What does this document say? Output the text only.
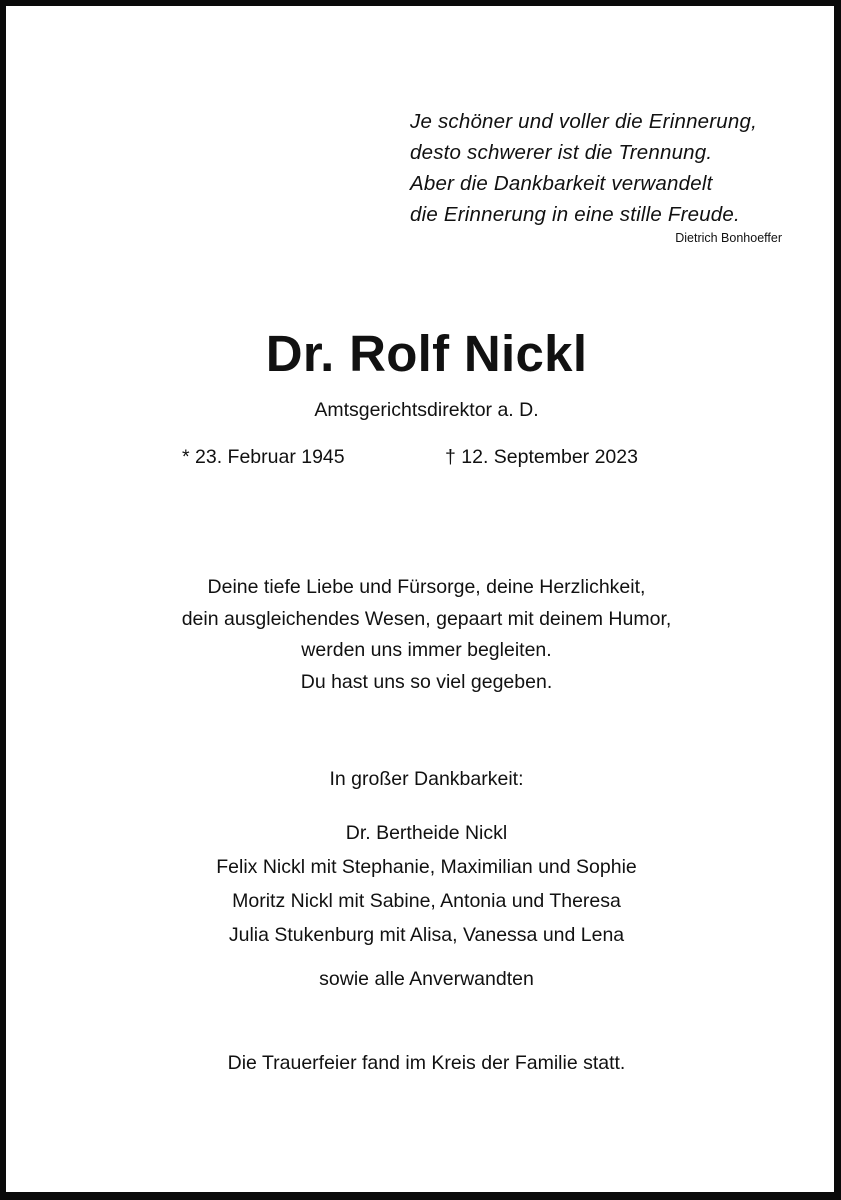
Je schöner und voller die Erinnerung,
desto schwerer ist die Trennung.
Aber die Dankbarkeit verwandelt
die Erinnerung in eine stille Freude.
Dietrich Bonhoeffer
Dr. Rolf Nickl
Amtsgerichtsdirektor a. D.
* 23. Februar 1945	† 12. September 2023
Deine tiefe Liebe und Fürsorge, deine Herzlichkeit,
dein ausgleichendes Wesen, gepaart mit deinem Humor,
werden uns immer begleiten.
Du hast uns so viel gegeben.
In großer Dankbarkeit:
Dr. Bertheide Nickl
Felix Nickl mit Stephanie, Maximilian und Sophie
Moritz Nickl mit Sabine, Antonia und Theresa
Julia Stukenburg mit Alisa, Vanessa und Lena
sowie alle Anverwandten
Die Trauerfeier fand im Kreis der Familie statt.
